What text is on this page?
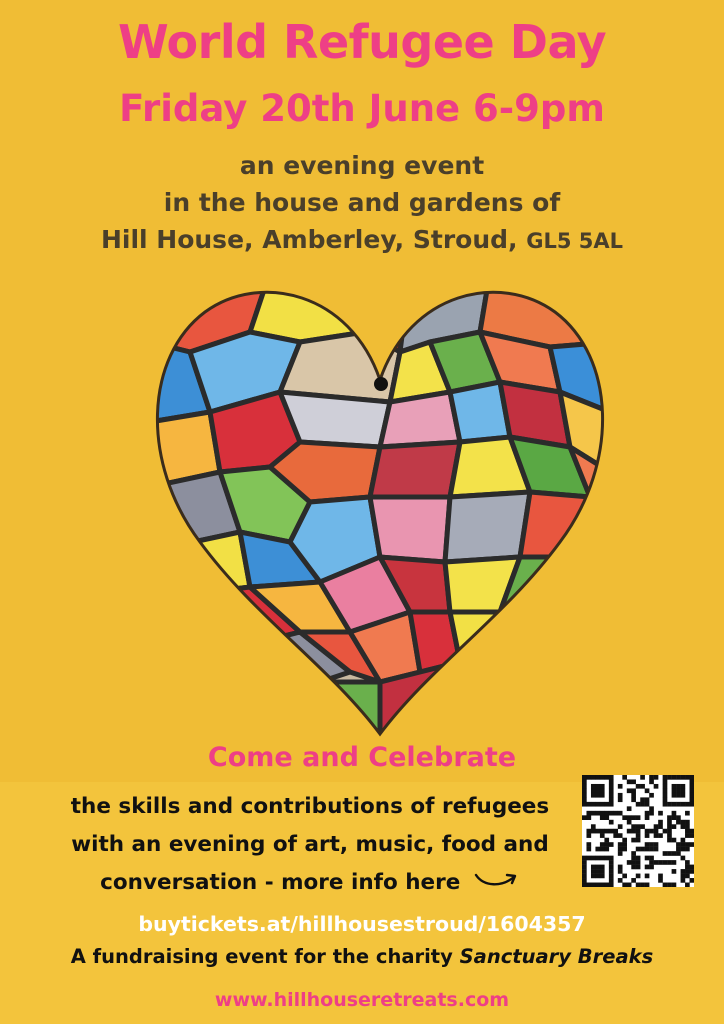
World Refugee Day
Friday 20th June 6-9pm
an evening event
in the house and gardens of
Hill House, Amberley, Stroud, GL5 5AL
Come and Celebrate
the skills and contributions of refugees
with an evening of art, music, food and
conversation - more info here
buytickets.at/hillhousestroud/1604357
A fundraising event for the charity Sanctuary Breaks
www.hillhouseretreats.com
